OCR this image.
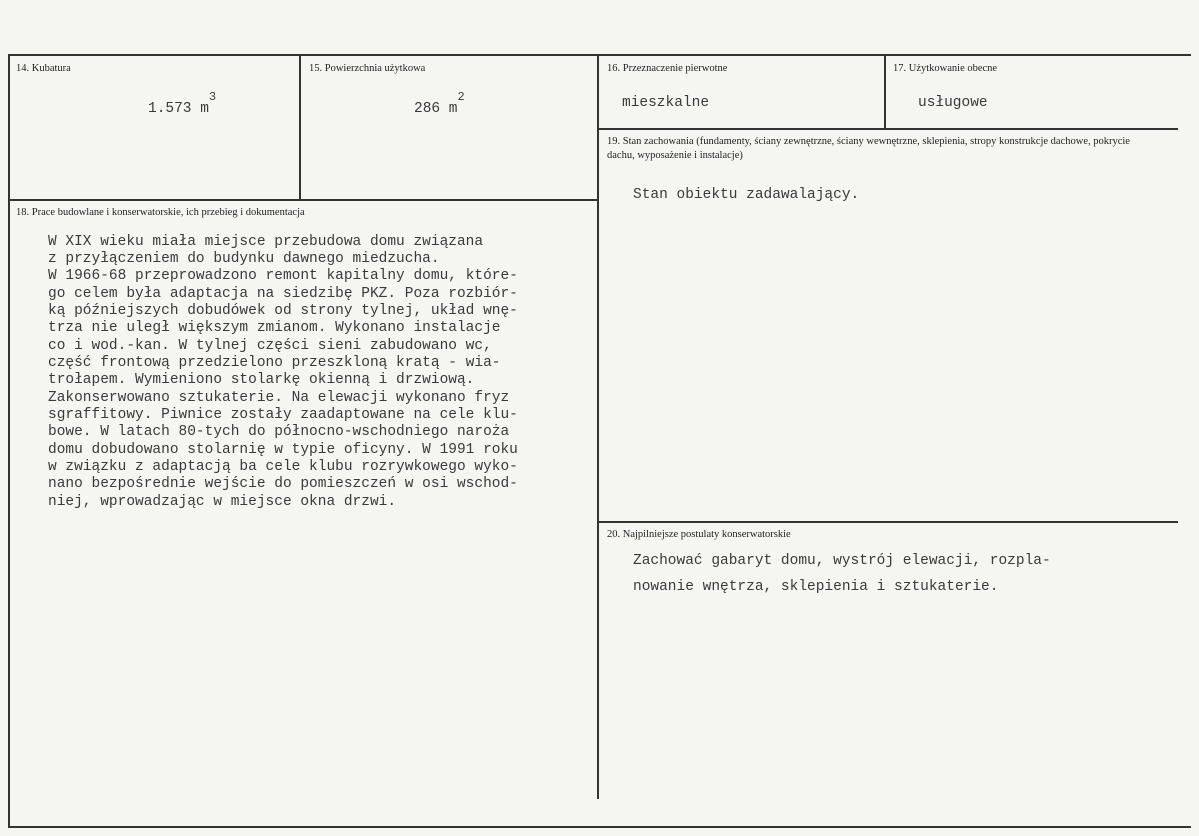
14. Kubatura
1.573 $m^3$
15. Powierzchnia użytkowa
286 $m^2$
16. Przeznaczenie pierwotne
mieszkalne
17. Użytkowanie obecne
usługowe
18. Prace budowlane i konserwatorskie, ich przebieg i dokumentacja
W XIX wieku miała miejsce przebudowa domu związana
z przyłączeniem do budynku dawnego miedzucha.
W 1966-68 przeprowadzono remont kapitalny domu, które-
go celem była adaptacja na siedzibę PKZ. Poza rozbiór-
ką późniejszych dobudówek od strony tylnej, układ wnę-
trza nie uległ większym zmianom. Wykonano instalacje
co i wod.-kan. W tylnej części sieni zabudowano wc,
część frontową przedzielono przeszkloną kratą - wia-
trołapem. Wymieniono stolarkę okienną i drzwiową.
Zakonserwowano sztukaterie. Na elewacji wykonano fryz
sgraffitowy. Piwnice zostały zaadaptowane na cele klu-
bowe. W latach 80-tych do północno-wschodniego naroża
domu dobudowano stolarnię w typie oficyny. W 1991 roku
w związku z adaptacją ba cele klubu rozrywkowego wyko-
nano bezpośrednie wejście do pomieszczeń w osi wschod-
niej, wprowadzając w miejsce okna drzwi.
19. Stan zachowania (fundamenty, ściany zewnętrzne, ściany wewnętrzne, sklepienia, stropy konstrukcje dachowe, pokrycie dachu, wyposażenie i instalacje)
Stan obiektu zadawalający.
20. Najpilniejsze postulaty konserwatorskie
Zachować gabaryt domu, wystrój elewacji, rozpla-
nowanie wnętrza, sklepienia i sztukaterie.
